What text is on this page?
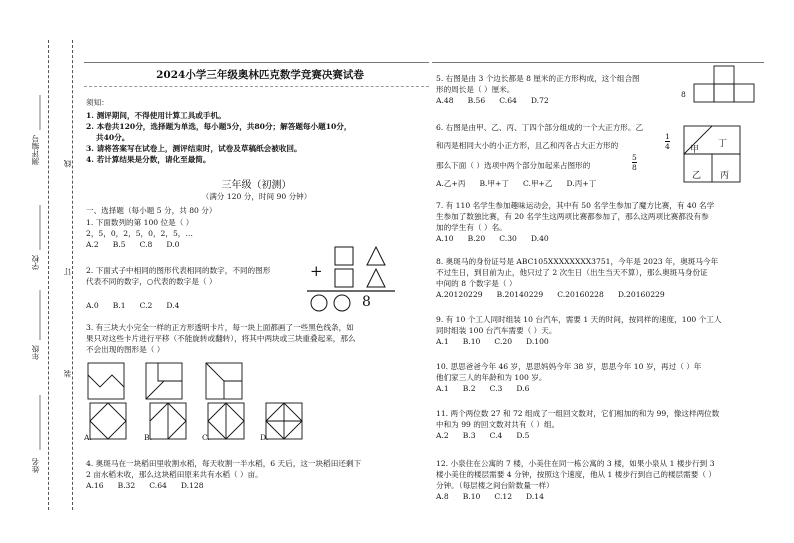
测评编号
学校
年级
姓名
线
订
装
2024小学三年级奥林匹克数学竞赛决赛试卷
须知：
1. 测评期间，不得使用计算工具或手机。
2. 本卷共120分，选择题为单选，每小题5分，共80分；解答题每小题10分，
共40分。
3. 请将答案写在试卷上，测评结束时，试卷及草稿纸会被收回。
4. 若计算结果是分数，请化至最简。
三年级（初测）
（满分 120 分，时间 90 分钟）
一、选择题（每小题 5 分，共 80 分）
1. 下面数列的第 100 位是（ ）
2，5，0，2，5，0，2，5，…
A.2 B.5 C.8 D.0
2. 下面式子中相同的图形代表相同的数字，不同的图形
代表不同的数字，○代表的数字是（ ）
A.0 B.1 C.2 D.4
+
8
3. 有三块大小完全一样的正方形透明卡片，每一块上面都画了一些黑色线条，如
果只对这些卡片进行平移（不能旋转或翻转），将其中两块或三块重叠起来，那么
不会出现的图形是（ ）
A.	B.	C.	D.
4. 奥斑马在一块稻田里收割水稻，每天收割一半水稻，6 天后，这一块稻田还剩下
2 亩水稻未收，那么这块稻田原来共有水稻（ ）亩。
A.16 B.32 C.64 D.128
5. 右图是由 3 个边长都是 8 厘米的正方形构成，这个组合图
形的周长是（ ）厘米。
A.48 B.56 C.64 D.72
8
6. 右图是由甲、乙、丙、丁四个部分组成的一个大正方形。乙
和丙是相同大小的小正方形，且乙和丙各占大正方形的	$\frac{1}{4}$
那么下面（ ）选项中两个部分加起来占图形的	$\frac{5}{8}$
A.乙+丙 B.甲+丁 C.甲+乙 D.丙+丁
甲
丁
乙 丙
7. 有 110 名学生参加趣味运动会，其中有 50 名学生参加了魔方比赛，有 40 名学
生参加了数独比赛，有 20 名学生这两项比赛都参加了，那么这两项比赛都没有参
加的学生有（ ）名。
A.10 B.20 C.30 D.40
8. 奥斑马的身份证号是 ABC105XXXXXXXX3751，今年是 2023 年，奥斑马今年
不过生日，到目前为止，他只过了 2 次生日（出生当天不算），那么奥斑马身份证
中间的 8 个数字是（ ）
A.20120229 B.20140229 C.20160228 D.20160229
9. 有 10 个工人同时组装 10 台汽车，需要 1 天的时间，按同样的速度，100 个工人
同时组装 100 台汽车需要（ ）天。
A.1 B.10 C.20 D.100
10. 思思爸爸今年 46 岁，思思妈妈今年 38 岁，思思今年 10 岁，再过（ ）年
他们家三人的年龄和为 100 岁。
A.1 B.2 C.3 D.6
11. 两个两位数 27 和 72 组成了一组回文数对，它们相加的和为 99，像这样两位数
中和为 99 的回文数对共有（ ）组。
A.2 B.3 C.4 D.5
12. 小泉住在公寓的 7 楼，小美住在同一栋公寓的 3 楼，如果小泉从 1 楼步行到 3
楼小美住的楼层需要 4 分钟，按照这个速度，他从 1 楼步行到自己的楼层需要（ ）
分钟。（每层楼之间台阶数量一样）
A.8 B.10 C.12 D.14
